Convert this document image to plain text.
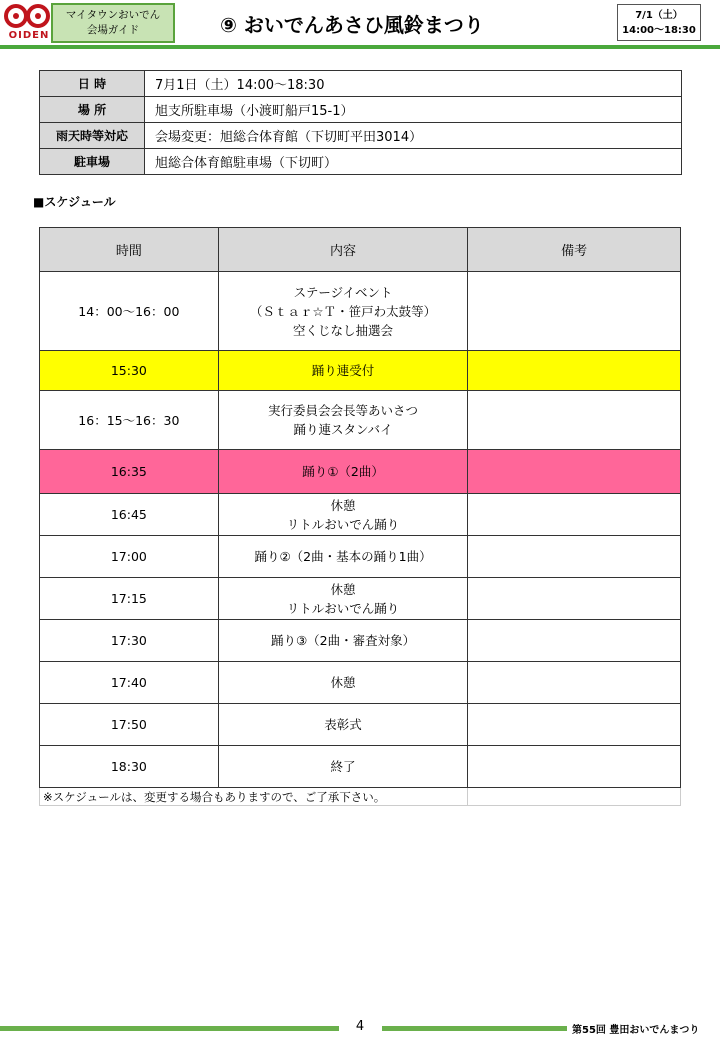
OIDEN
マイタウンおいでん
会場ガイド	⑨ おいでんあさひ風鈴まつり	7/1（土）
14:00〜18:30
日 時	7月1日（土）14:00〜18:30
場 所	旭支所駐車場（小渡町船戸15-1）
雨天時等対応	会場変更：旭総合体育館（下切町平田3014）
駐車場	旭総合体育館駐車場（下切町）
■スケジュール
時間	内容	備考
14：00〜16：00	ステージイベント
（Ｓｔａｒ☆Ｔ・笹戸わ太鼓等）
空くじなし抽選会	

15:30	踊り連受付	

16：15〜16：30	実行委員会会長等あいさつ
踊り連スタンバイ	

16:35	踊り①（2曲）	

16:45	休憩
リトルおいでん踊り	

17:00	踊り②（2曲・基本の踊り1曲）	

17:15	休憩
リトルおいでん踊り	

17:30	踊り③（2曲・審査対象）	

17:40	休憩	

17:50	表彰式	

18:30	終了	

※スケジュールは、変更する場合もありますので、ご了承下さい。		
4	第55回 豊田おいでんまつり
